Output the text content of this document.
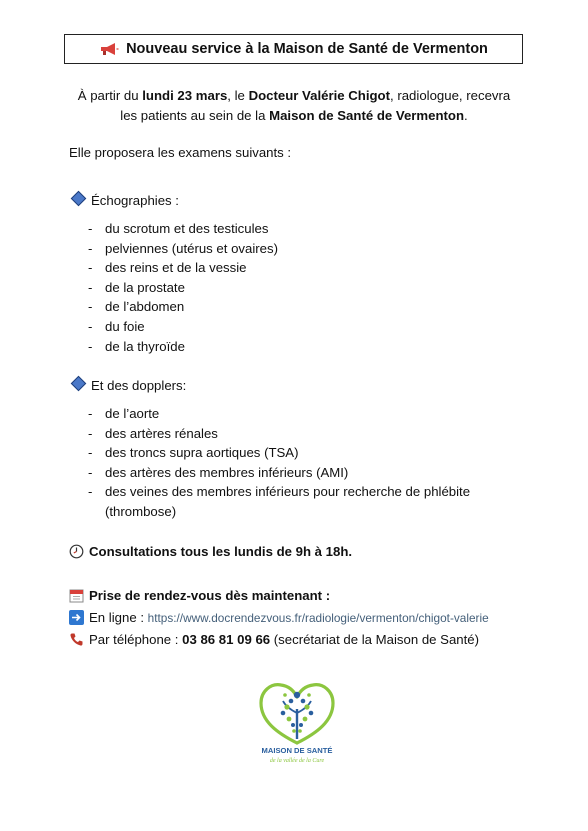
Nouveau service à la Maison de Santé de Vermenton
À partir du lundi 23 mars, le Docteur Valérie Chigot, radiologue, recevra
les patients au sein de la Maison de Santé de Vermenton.
Elle proposera les examens suivants :
Échographies :
- du scrotum et des testicules
- pelviennes (utérus et ovaires)
- des reins et de la vessie
- de la prostate
- de l’abdomen
- du foie
- de la thyroïde
Et des dopplers:
- de l’aorte
- des artères rénales
- des troncs supra aortiques (TSA)
- des artères des membres inférieurs (AMI)
- des veines des membres inférieurs pour recherche de phlébite
(thrombose)
Consultations tous les lundis de 9h à 18h.
Prise de rendez-vous dès maintenant :
En ligne : https://www.docrendezvous.fr/radiologie/vermenton/chigot-valerie
Par téléphone : 03 86 81 09 66 (secrétariat de la Maison de Santé)
MAISON DE SANTÉ
de la vallée de la Cure
